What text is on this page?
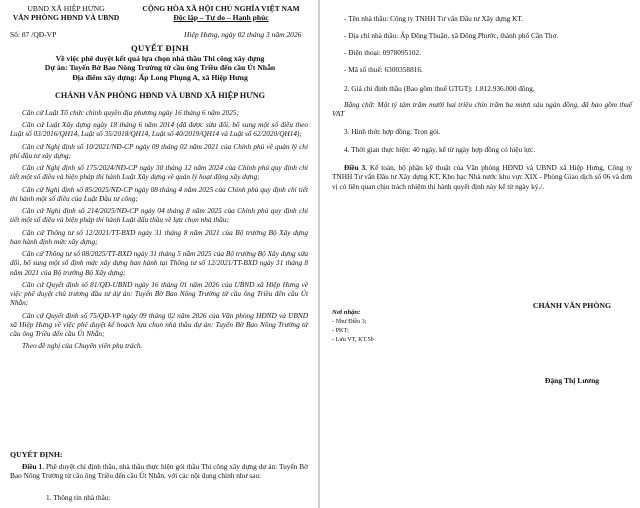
UBND XÃ HIỆP HƯNG
VĂN PHÒNG HĐND VÀ UBND
CỘNG HÒA XÃ HỘI CHỦ NGHĨA VIỆT NAM
Độc lập – Tự do – Hạnh phúc
Số: 87 /QĐ-VP	Hiệp Hưng, ngày 02 tháng 3 năm 2026
QUYẾT ĐỊNH
Về việc phê duyệt kết quả lựa chọn nhà thầu Thi công xây dựng
Dự án: Tuyến Bờ Bao Nông Trường từ cầu ông Triều đến cầu Út Nhẫn
Địa điểm xây dựng: Ấp Long Phụng A, xã Hiệp Hưng
CHÁNH VĂN PHÒNG HĐND VÀ UBND XÃ HIỆP HƯNG

Căn cứ Luật Tổ chức chính quyền địa phương ngày 16 tháng 6 năm 2025;

Căn cứ Luật Xây dựng ngày 18 tháng 6 năm 2014 (đã được sửa đổi, bổ sung một số điều theo Luật số 03/2016/QH14, Luật số 35/2018/QH14, Luật số 40/2019/QH14 và Luật số 62/2020/QH14);

Căn cứ Nghị định số 10/2021/NĐ-CP ngày 09 tháng 02 năm 2021 của Chính phủ về quản lý chi phí đầu tư xây dựng;

Căn cứ Nghị định số 175/2024/NĐ-CP ngày 30 tháng 12 năm 2024 của Chính phủ quy định chi tiết một số điều và biện pháp thi hành Luật Xây dựng về quản lý hoạt động xây dựng;

Căn cứ Nghị định số 85/2025/NĐ-CP ngày 08 tháng 4 năm 2025 của Chính phủ quy định chi tiết thi hành một số điều của Luật Đầu tư công;

Căn cứ Nghị định số 214/2025/NĐ-CP ngày 04 tháng 8 năm 2025 của Chính phủ quy định chi tiết một số điều và biện pháp thi hành Luật đấu thầu về lựa chọn nhà thầu;

Căn cứ Thông tư số 12/2021/TT-BXD ngày 31 tháng 8 năm 2021 của Bộ trưởng Bộ Xây dựng ban hành định mức xây dựng;

Căn cứ Thông tư số 08/2025/TT-BXD ngày 31 tháng 5 năm 2025 của Bộ trưởng Bộ Xây dựng sửa đổi, bổ sung một số định mức xây dựng ban hành tại Thông tư số 12/2021/TT-BXD ngày 31 tháng 8 năm 2021 của Bộ trưởng Bộ Xây dựng;

Căn cứ Quyết định số 81/QĐ-UBND ngày 16 tháng 01 năm 2026 của UBND xã Hiệp Hưng về việc phê duyệt chủ trương đầu tư dự án: Tuyến Bờ Bao Nông Trường từ cầu ông Triều đến cầu Út Nhẫn;

Căn cứ Quyết định số 75/QĐ-VP ngày 09 tháng 02 năm 2026 của Văn phòng HĐND và UBND xã Hiệp Hưng về việc phê duyệt kế hoạch lựa chọn nhà thầu dự án: Tuyến Bờ Bao Nông Trường từ cầu ông Triều đến cầu Út Nhẫn;

Theo đề nghị của Chuyên viên phụ trách.

QUYẾT ĐỊNH:
Điều 1. Phê duyệt chỉ định thầu, nhà thầu thực hiện gói thầu Thi công xây dựng dự án: Tuyến Bờ Bao Nông Trường từ cầu ông Triều đến cầu Út Nhẫn, với các nội dung chính như sau:
1. Thông tin nhà thầu:
- Tên nhà thầu: Công ty TNHH Tư vấn Đầu tư Xây dựng KT.
- Địa chỉ nhà thầu: Ấp Đông Thuận, xã Đông Phước, thành phố Cần Thơ.
- Điện thoại: 0978095102.
- Mã số thuế: 6300358816.
2. Giá chỉ định thầu (Bao gồm thuế GTGT): 1.812.936.000 đồng.
Bằng chữ: Một tỷ tám trăm mười hai triệu chín trăm ba mươi sáu ngàn đồng, đã bao gồm thuế VAT
3. Hình thức hợp đồng: Trọn gói.
4. Thời gian thực hiện: 40 ngày, kể từ ngày hợp đồng có hiệu lực.
Điều 3. Kế toán, bộ phận kỹ thuật của Văn phòng HĐND và UBND xã Hiệp Hưng, Công ty TNHH Tư vấn Đầu tư Xây dựng KT, Kho bạc Nhà nước khu vực XIX - Phòng Giao dịch số 06 và đơn vị có liên quan chịu trách nhiệm thi hành quyết định này kể từ ngày ký./.
Nơi nhận:
- Như Điều 3;
- PKT;
- Lưu VT, KT.5b
CHÁNH VĂN PHÒNG
Đặng Thị Lương
